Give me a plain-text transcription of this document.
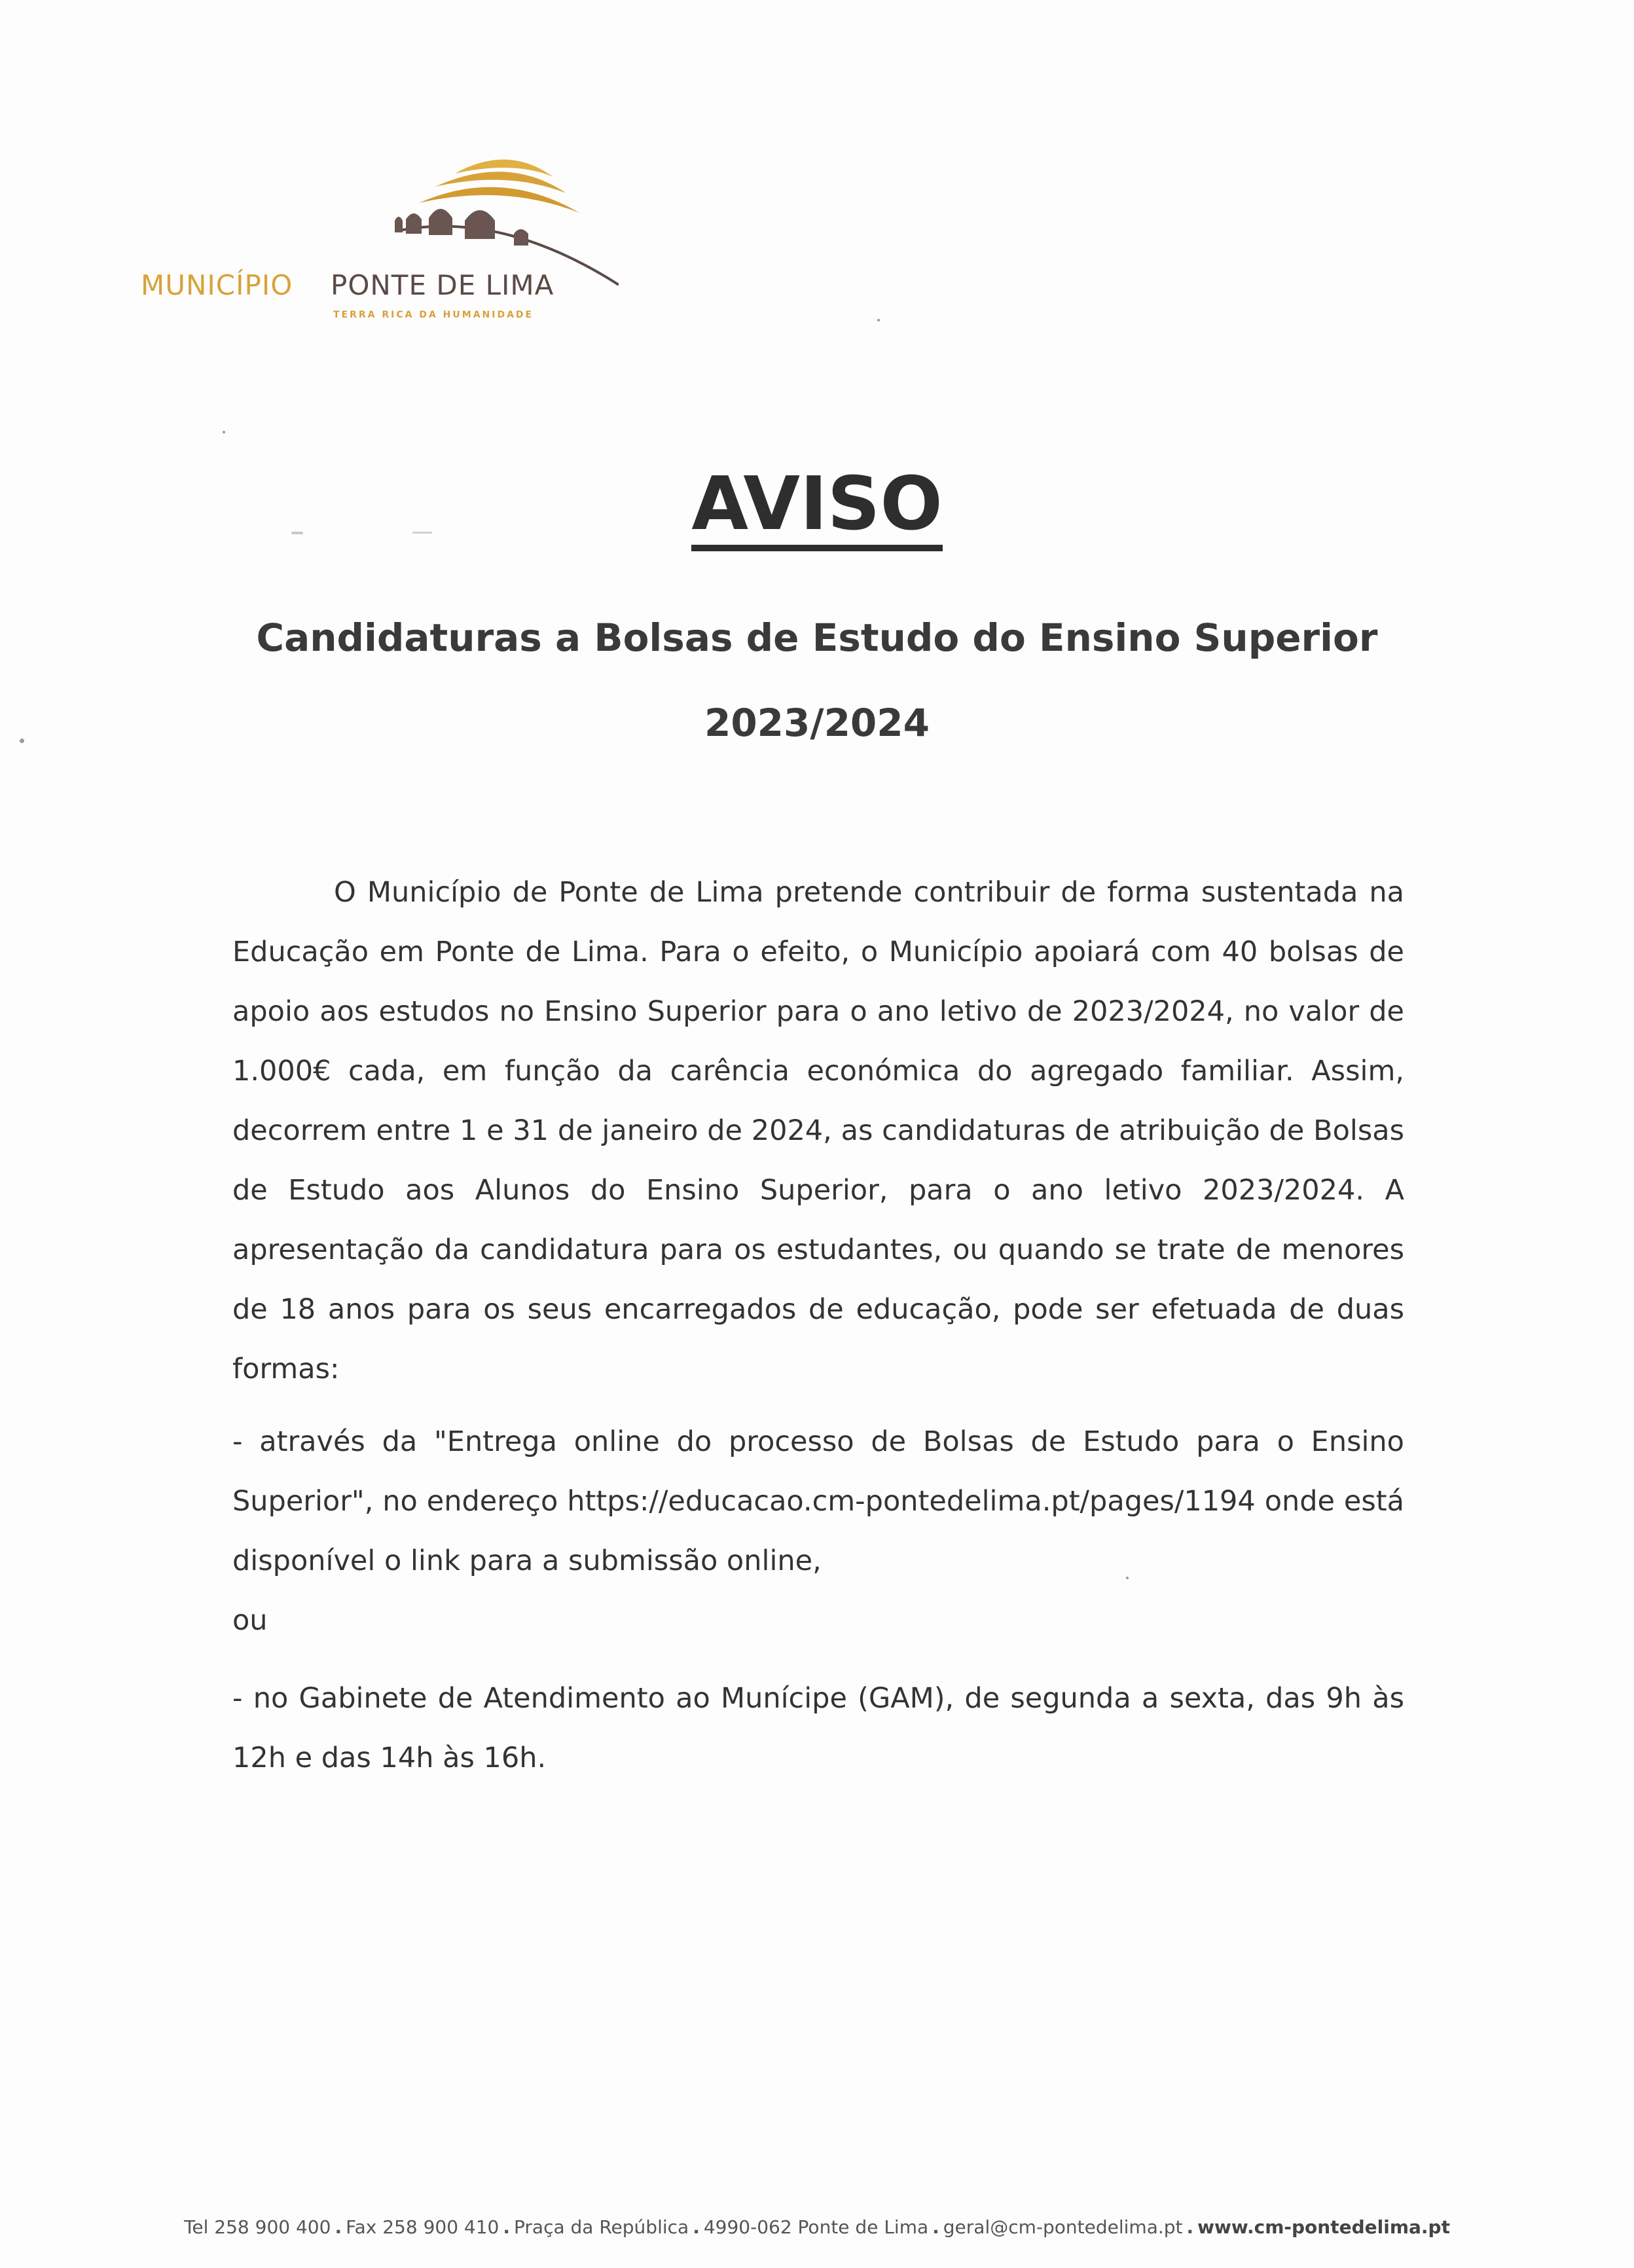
MUNICÍPIO PONTE DE LIMA
TERRA RICA DA HUMANIDADE
AVISO
Candidaturas a Bolsas de Estudo do Ensino Superior
2023/2024

O Município de Ponte de Lima pretende contribuir de forma sustentada na Educação em Ponte de Lima. Para o efeito, o Município apoiará com 40 bolsas de apoio aos estudos no Ensino Superior para o ano letivo de 2023/2024, no valor de 1.000€ cada, em função da carência económica do agregado familiar. Assim, decorrem entre 1 e 31 de janeiro de 2024, as candidaturas de atribuição de Bolsas de Estudo aos Alunos do Ensino Superior, para o ano letivo 2023/2024. A apresentação da candidatura para os estudantes, ou quando se trate de menores de 18 anos para os seus encarregados de educação, pode ser efetuada de duas formas:

- através da "Entrega online do processo de Bolsas de Estudo para o Ensino Superior", no endereço https://educacao.cm-pontedelima.pt/pages/1194 onde está disponível o link para a submissão online,

ou

- no Gabinete de Atendimento ao Munícipe (GAM), de segunda a sexta, das 9h às 12h e das 14h às 16h.

Tel 258 900 400 . Fax 258 900 410 . Praça da República . 4990-062 Ponte de Lima . geral@cm-pontedelima.pt . www.cm-pontedelima.pt
